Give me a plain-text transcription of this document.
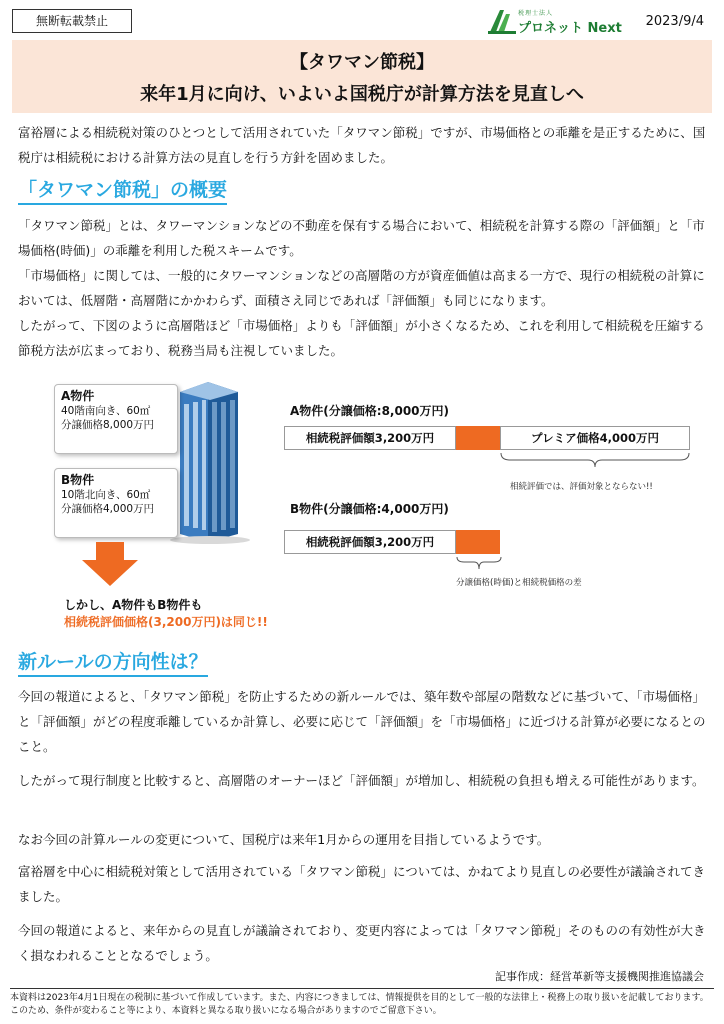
無断転載禁止
税理士法人
プロネット Next 2023/9/4
【タワマン節税】
来年1月に向け、いよいよ国税庁が計算方法を見直しへ

富裕層による相続税対策のひとつとして活用されていた「タワマン節税」ですが、市場価格との乖離を是正するために、国税庁は相続税における計算方法の見直しを行う方針を固めました。

「タワマン節税」の概要

「タワマン節税」とは、タワーマンションなどの不動産を保有する場合において、相続税を計算する際の「評価額」と「市場価格(時価)」の乖離を利用した税スキームです。

「市場価格」に関しては、一般的にタワーマンションなどの高層階の方が資産価値は高まる一方で、現行の相続税の計算においては、低層階・高層階にかかわらず、面積さえ同じであれば「評価額」も同じになります。

したがって、下図のように高層階ほど「市場価格」よりも「評価額」が小さくなるため、これを利用して相続税を圧縮する節税方法が広まっており、税務当局も注視していました。

A物件
40階南向き、60㎡
分譲価格8,000万円
B物件
10階北向き、60㎡
分譲価格4,000万円
しかし、A物件もB物件も
相続税評価価格(3,200万円)は同じ!!
A物件(分譲価格:8,000万円)
相続税評価額3,200万円	プレミア価格4,000万円
相続評価では、評価対象とならない!!
B物件(分譲価格:4,000万円)
相続税評価額3,200万円
分譲価格(時価)と相続税価格の差
新ルールの方向性は？

今回の報道によると、「タワマン節税」を防止するための新ルールでは、築年数や部屋の階数などに基づいて、「市場価格」と「評価額」がどの程度乖離しているか計算し、必要に応じて「評価額」を「市場価格」に近づける計算が必要になるとのこと。

したがって現行制度と比較すると、高層階のオーナーほど「評価額」が増加し、相続税の負担も増える可能性があります。

なお今回の計算ルールの変更について、国税庁は来年1月からの運用を目指しているようです。

富裕層を中心に相続税対策として活用されている「タワマン節税」については、かねてより見直しの必要性が議論されてきました。

今回の報道によると、来年からの見直しが議論されており、変更内容によっては「タワマン節税」そのものの有効性が大きく損なわれることとなるでしょう。

記事作成：経営革新等支援機関推進協議会
本資料は2023年4月1日現在の税制に基づいて作成しています。また、内容につきましては、情報提供を目的として一般的な法律上・税務上の取り扱いを記載しております。このため、条件が変わること等により、本資料と異なる取り扱いになる場合がありますのでご留意下さい。
